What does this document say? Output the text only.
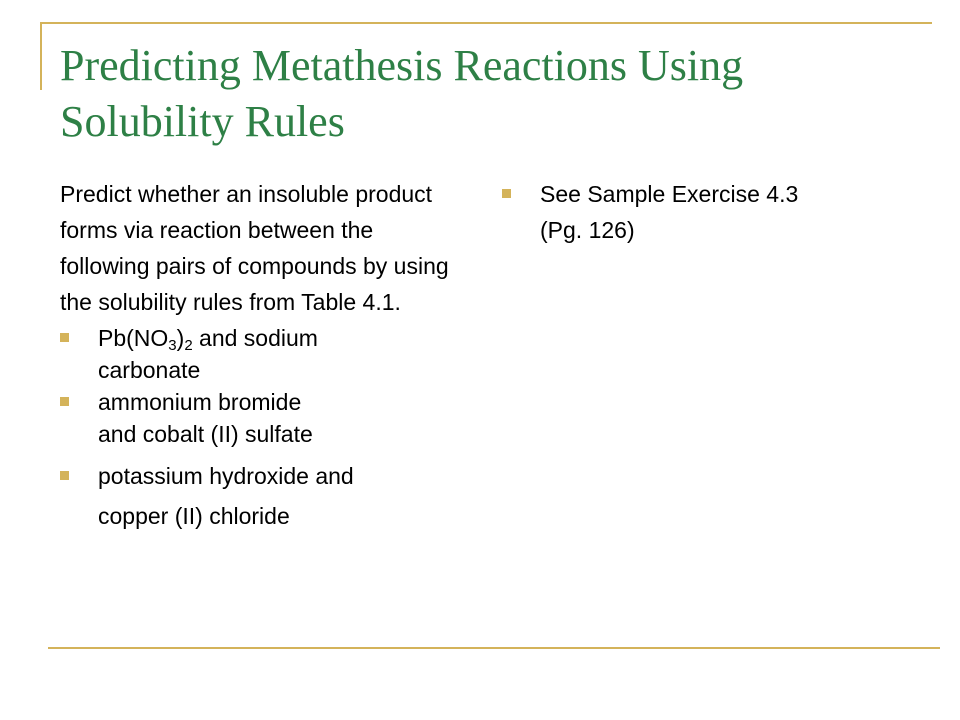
Predicting Metathesis Reactions Using Solubility Rules

Predict whether an insoluble product forms via reaction between the following pairs of compounds by using the solubility rules from Table 4.1.

$Pb(NO_3)_2$ and sodium
carbonate
ammonium bromide
and cobalt (II) sulfate
potassium hydroxide and
copper (II) chloride
See Sample Exercise 4.3
(Pg. 126)
